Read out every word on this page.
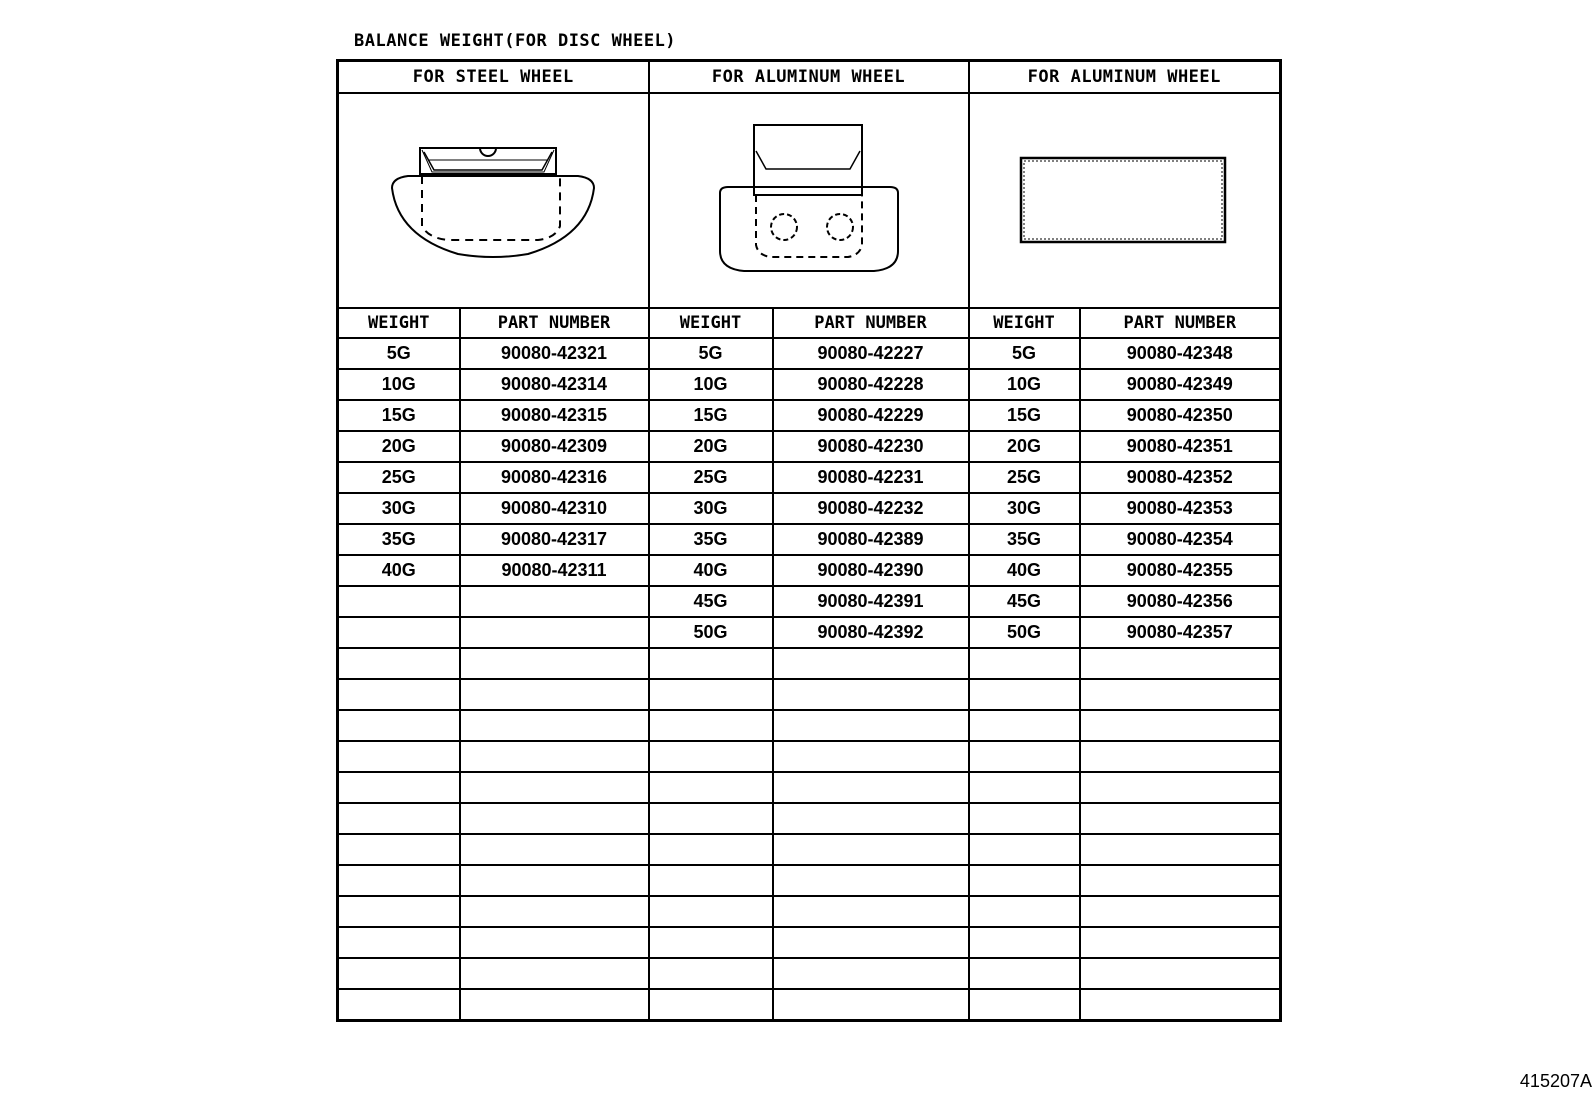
BALANCE WEIGHT(FOR DISC WHEEL)
FOR STEEL WHEEL		FOR ALUMINUM WHEEL		FOR ALUMINUM WHEEL	

WEIGHT	PART NUMBER	WEIGHT	PART NUMBER	WEIGHT	PART NUMBER
5G	90080-42321	5G	90080-42227	5G	90080-42348
10G	90080-42314	10G	90080-42228	10G	90080-42349
15G	90080-42315	15G	90080-42229	15G	90080-42350
20G	90080-42309	20G	90080-42230	20G	90080-42351
25G	90080-42316	25G	90080-42231	25G	90080-42352
30G	90080-42310	30G	90080-42232	30G	90080-42353
35G	90080-42317	35G	90080-42389	35G	90080-42354
40G	90080-42311	40G	90080-42390	40G	90080-42355
		45G	90080-42391	45G	90080-42356
		50G	90080-42392	50G	90080-42357

415207A
